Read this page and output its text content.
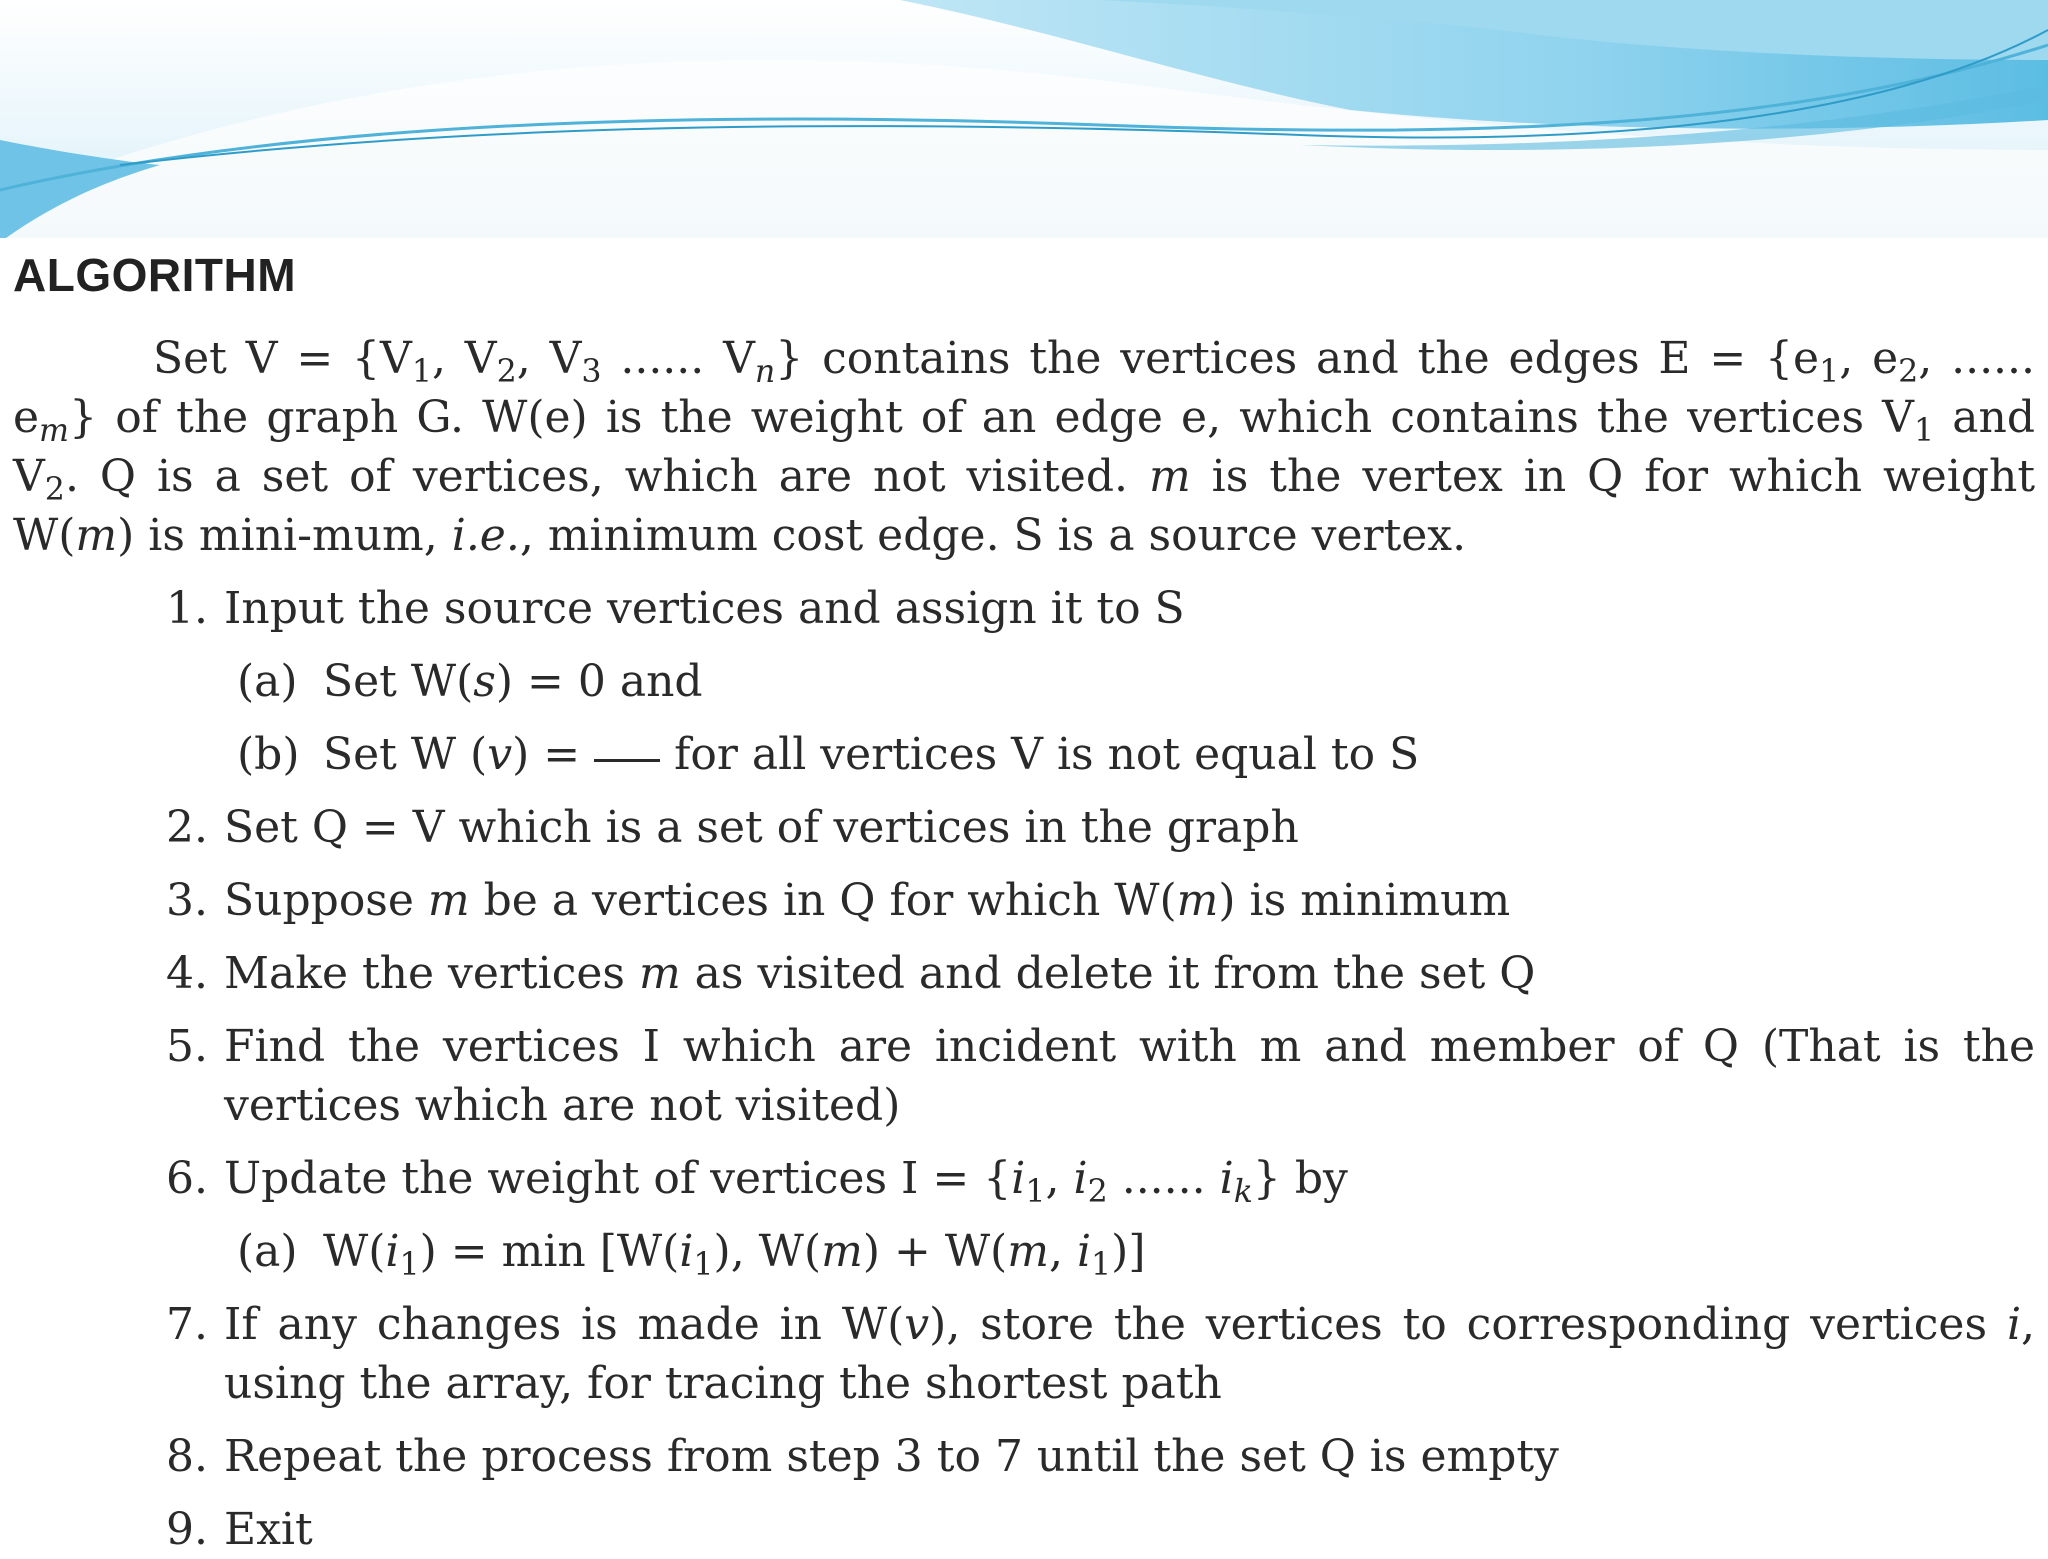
ALGORITHM

Set $V = \{V_1$, $V_2$, $V_3$ ...... $V_n$} contains the vertices and the edges $E = \{e_1$, $e_2$, ...... $e_m$} of the graph G. W(e) is the weight of an edge e, which contains the vertices $V_1$ and $V_2$. Q is a set of vertices, which are not visited. m is the vertex in Q for which weight W(m) is mini-mum, i.e., minimum cost edge. S is a source vertex.

1. Input the source vertices and assign it to S
(a) Set W(s) = 0 and
(b) Set W (v) =  for all vertices V is not equal to S
2. Set Q = V which is a set of vertices in the graph
3. Suppose m be a vertices in Q for which W(m) is minimum
4. Make the vertices m as visited and delete it from the set Q
5. Find the vertices I which are incident with m and member of Q (That is the vertices which are not visited)
6. Update the weight of vertices $I = \{i_1$, $i_2$ ...... $i_k$} by
(a) $W(i_1) = \min [W(i_1)$, W(m) + W(m, $i_1$)]
7. If any changes is made in W(v), store the vertices to corresponding vertices i, using the array, for tracing the shortest path
8. Repeat the process from step 3 to 7 until the set Q is empty
9. Exit
